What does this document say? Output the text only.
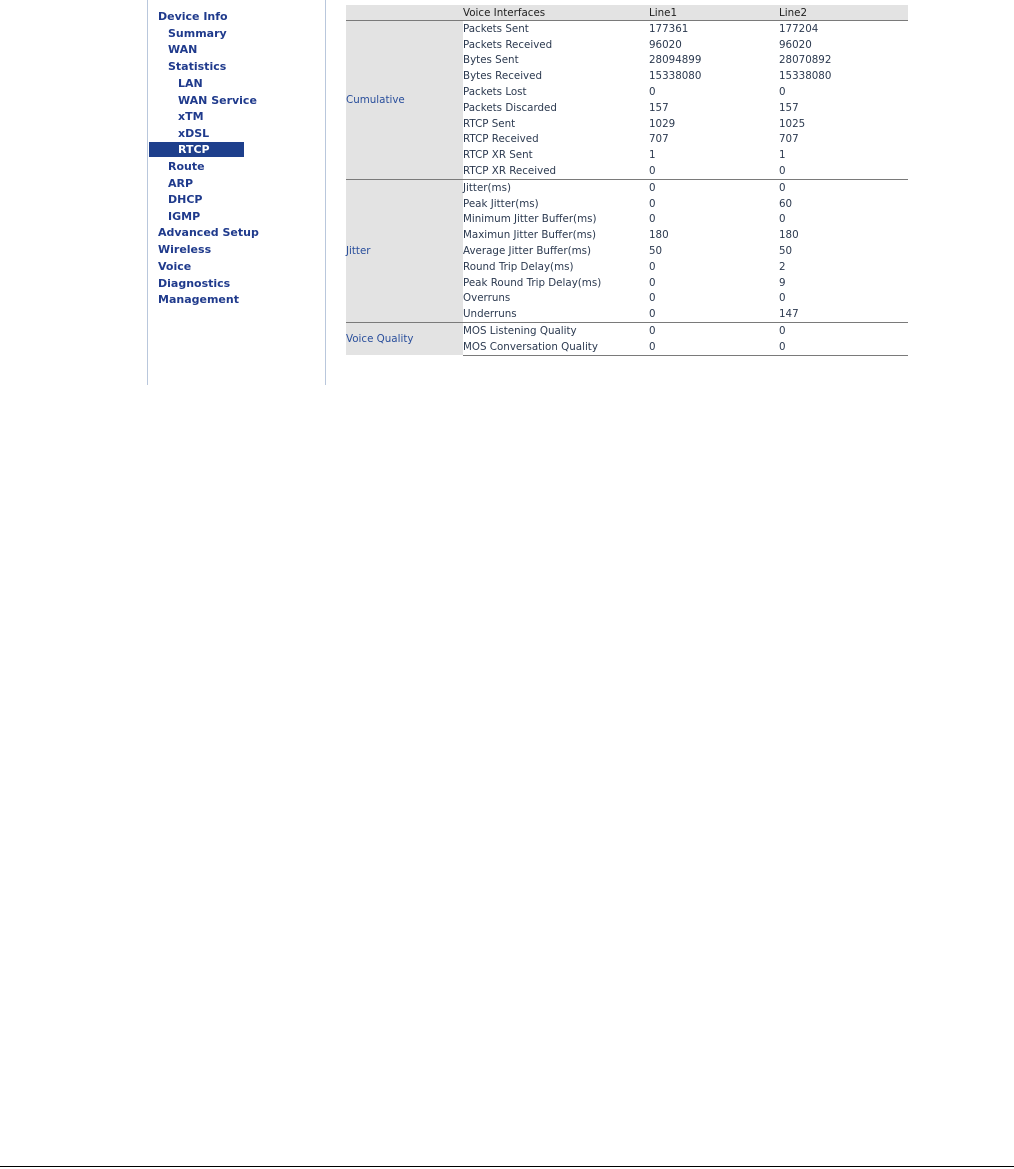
Device Info
Summary
WAN
Statistics
LAN
WAN Service
xTM
xDSL
RTCP
Route
ARP
DHCP
IGMP
Advanced Setup
Wireless
Voice
Diagnostics
Management
	Voice Interfaces	Line1	Line2
Cumulative	Packets Sent	177361	177204
	Packets Received	96020	96020
	Bytes Sent	28094899	28070892
	Bytes Received	15338080	15338080
	Packets Lost	0	0
	Packets Discarded	157	157
	RTCP Sent	1029	1025
	RTCP Received	707	707
	RTCP XR Sent	1	1
	RTCP XR Received	0	0
Jitter	Jitter(ms)	0	0
	Peak Jitter(ms)	0	60
	Minimum Jitter Buffer(ms)	0	0
	Maximun Jitter Buffer(ms)	180	180
	Average Jitter Buffer(ms)	50	50
	Round Trip Delay(ms)	0	2
	Peak Round Trip Delay(ms)	0	9
	Overruns	0	0
	Underruns	0	147
Voice Quality	MOS Listening Quality	0	0
	MOS Conversation Quality	0	0
